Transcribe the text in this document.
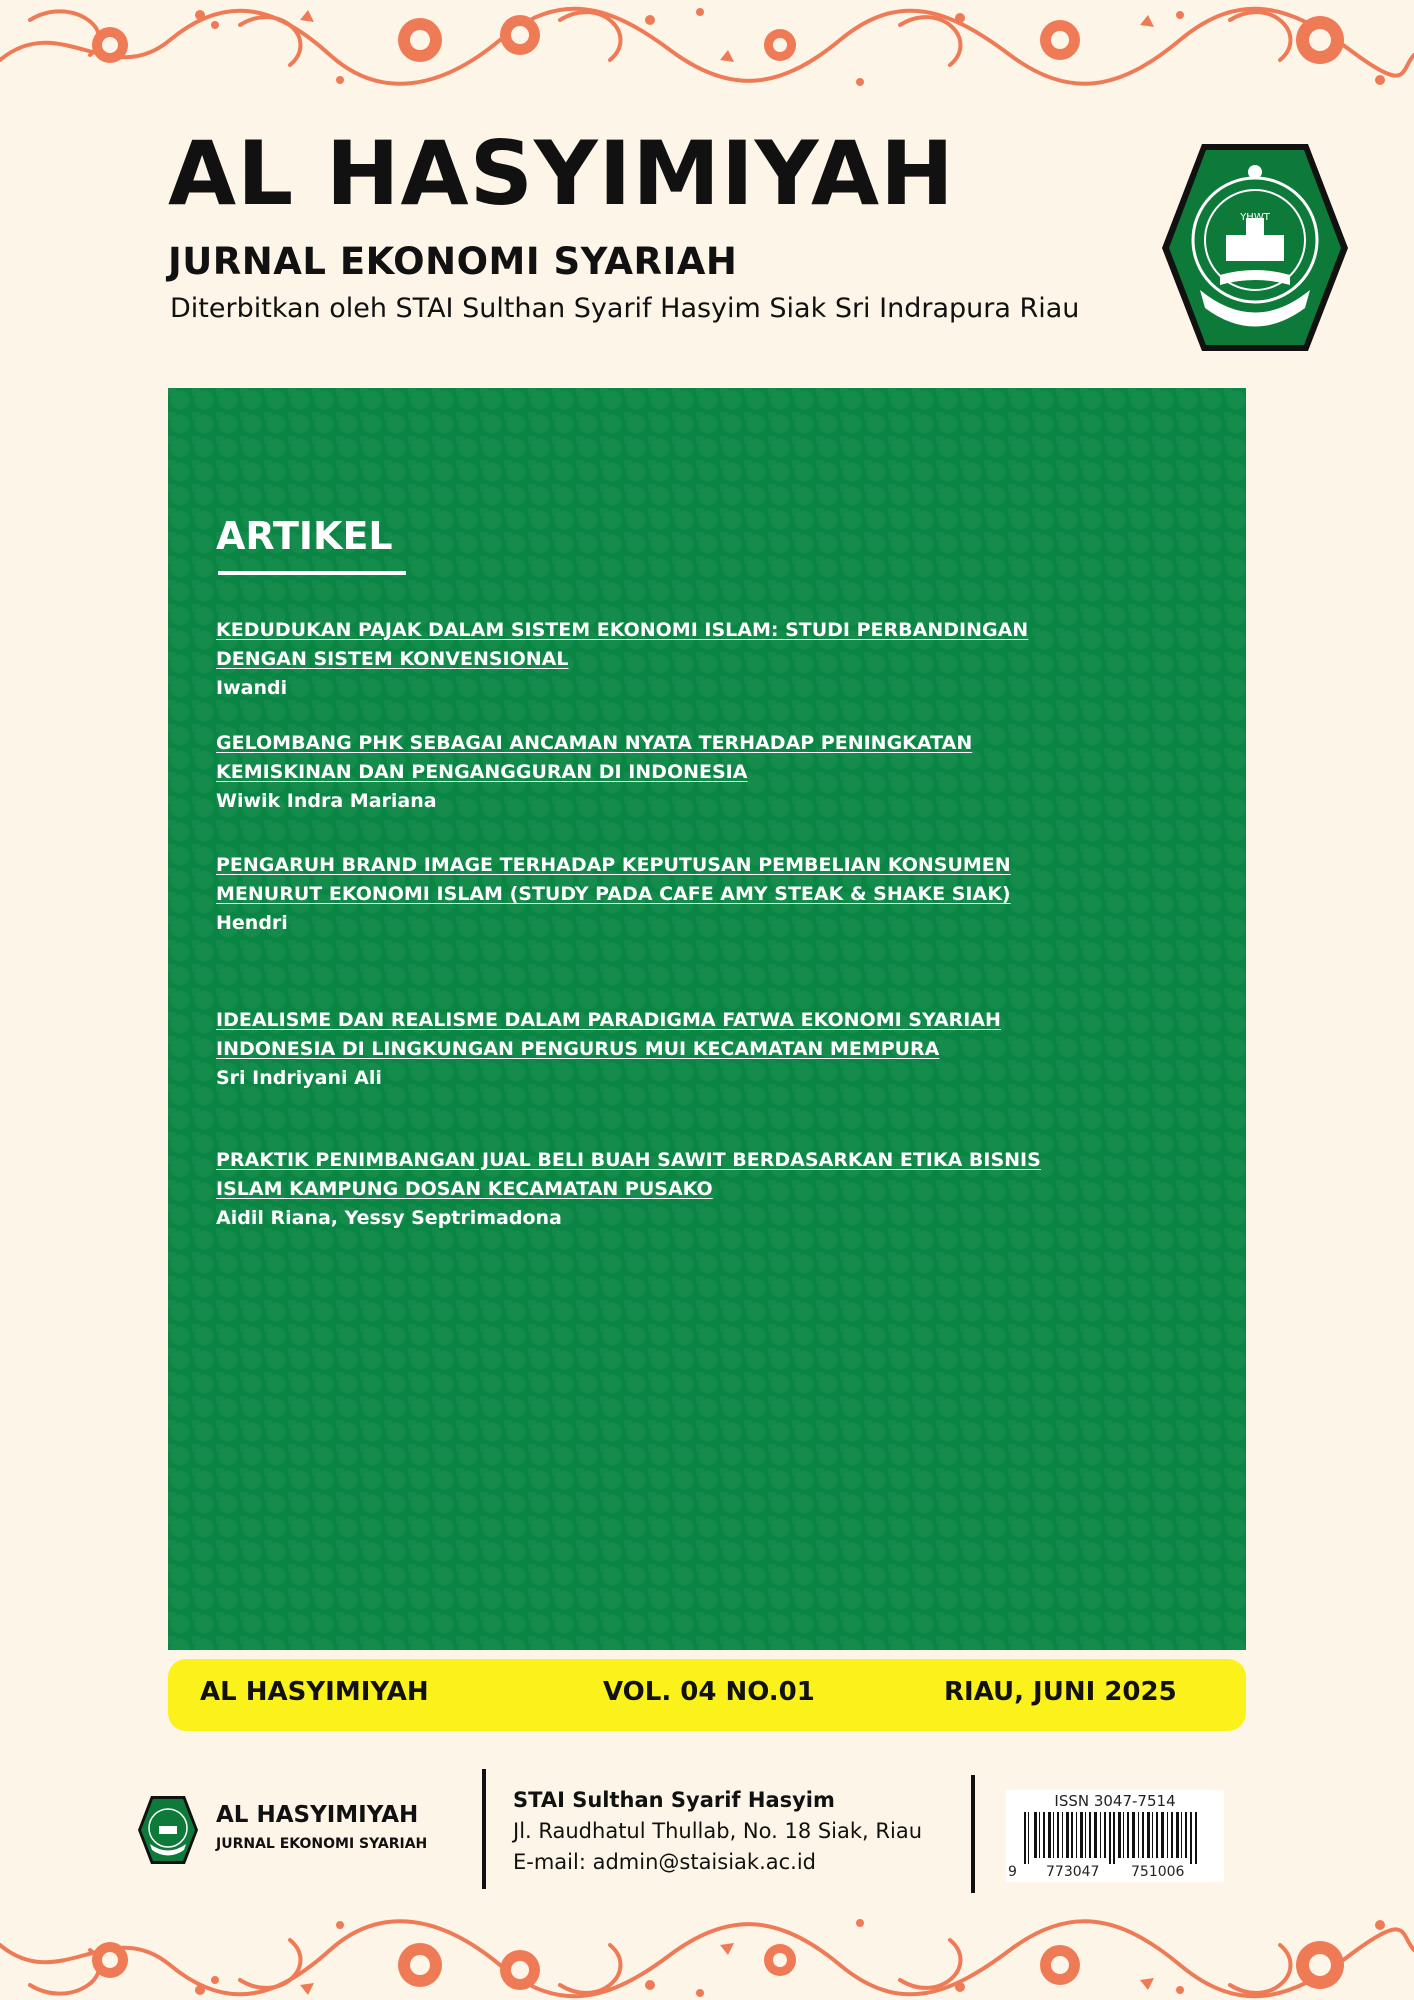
AL HASYIMIYAH
JURNAL EKONOMI SYARIAH

Diterbitkan oleh STAI Sulthan Syarif Hasyim Siak Sri Indrapura Riau

YHWT
ARTIKEL
KEDUDUKAN PAJAK DALAM SISTEM EKONOMI ISLAM: STUDI PERBANDINGAN
DENGAN SISTEM KONVENSIONAL
Iwandi
GELOMBANG PHK SEBAGAI ANCAMAN NYATA TERHADAP PENINGKATAN
KEMISKINAN DAN PENGANGGURAN DI INDONESIA
Wiwik Indra Mariana
PENGARUH BRAND IMAGE TERHADAP KEPUTUSAN PEMBELIAN KONSUMEN
MENURUT EKONOMI ISLAM (STUDY PADA CAFE AMY STEAK & SHAKE SIAK)
Hendri
IDEALISME DAN REALISME DALAM PARADIGMA FATWA EKONOMI SYARIAH
INDONESIA DI LINGKUNGAN PENGURUS MUI KECAMATAN MEMPURA
Sri Indriyani Ali
PRAKTIK PENIMBANGAN JUAL BELI BUAH SAWIT BERDASARKAN ETIKA BISNIS
ISLAM KAMPUNG DOSAN KECAMATAN PUSAKO
Aidil Riana, Yessy Septrimadona
AL HASYIMIYAH	VOL. 04 NO.01	RIAU, JUNI 2025
AL HASYIMIYAH
JURNAL EKONOMI SYARIAH
STAI Sulthan Syarif Hasyim
Jl. Raudhatul Thullab, No. 18 Siak, Riau
E-mail: admin@staisiak.ac.id
ISSN 3047-7514
9 773047 751006
